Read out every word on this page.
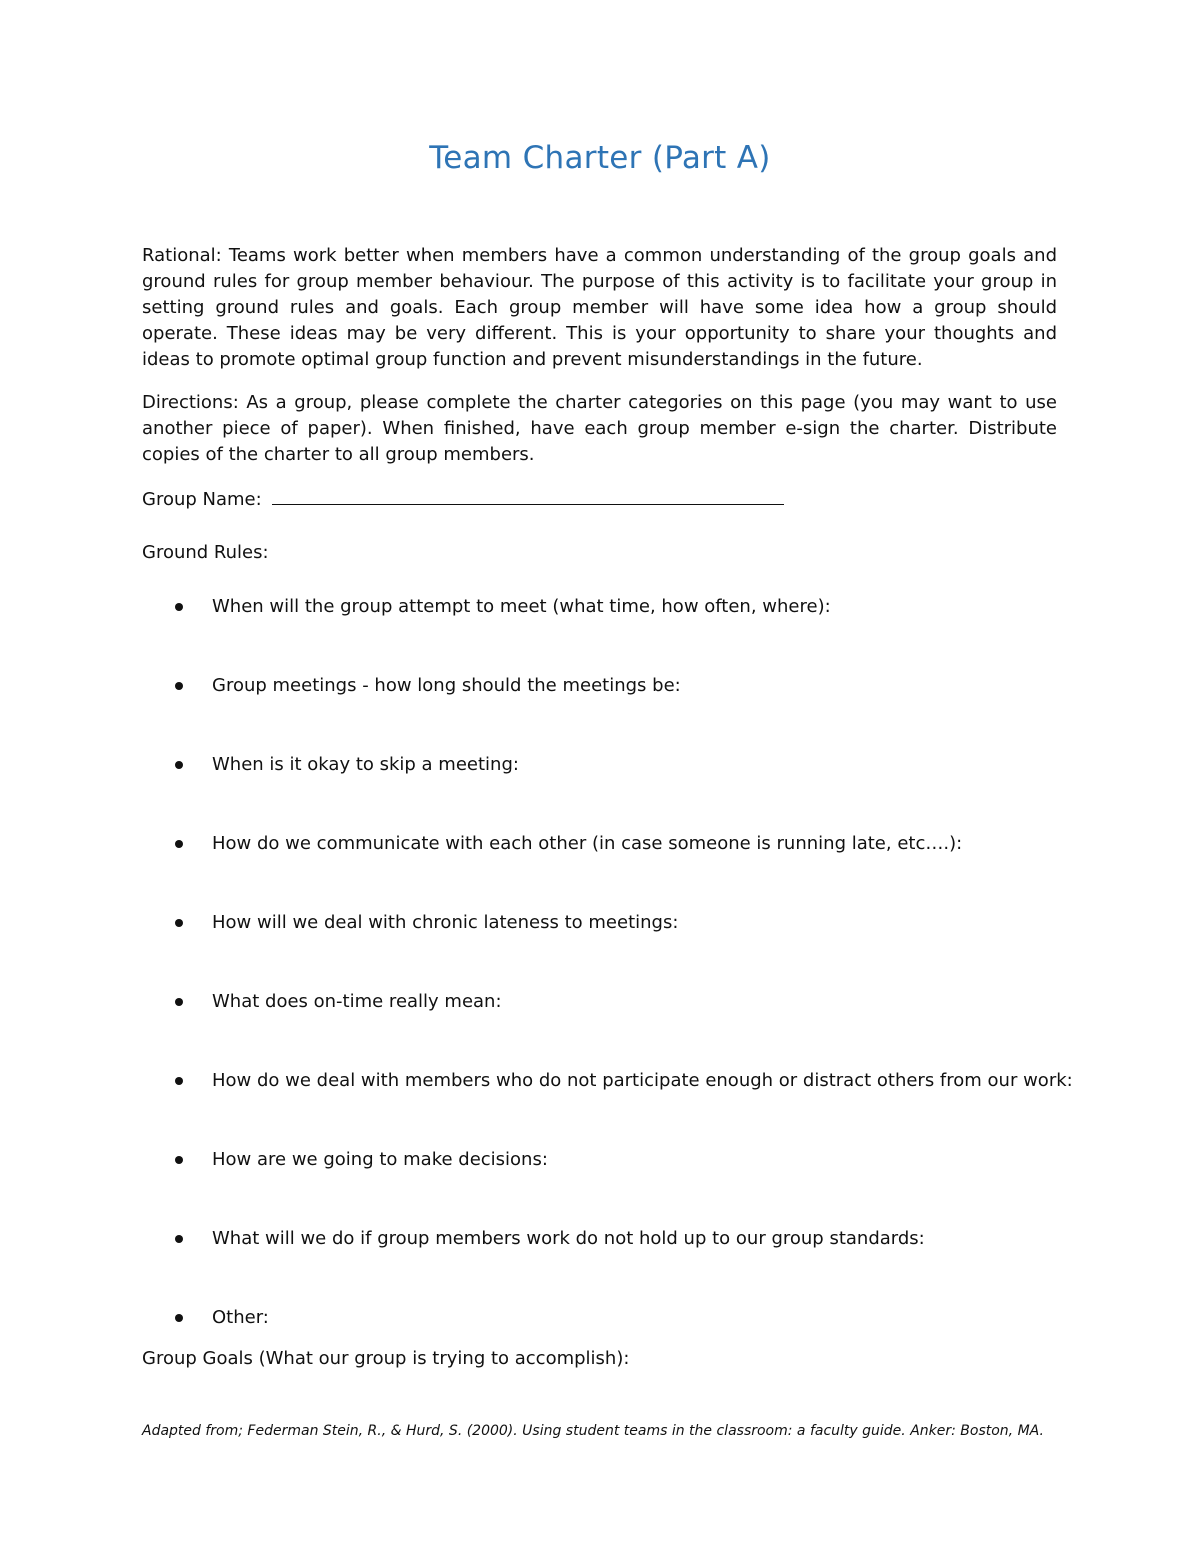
Team Charter (Part A)

Rational: Teams work better when members have a common understanding of the group goals and ground rules for group member behaviour. The purpose of this activity is to facilitate your group in setting ground rules and goals. Each group member will have some idea how a group should operate. These ideas may be very different. This is your opportunity to share your thoughts and ideas to promote optimal group function and prevent misunderstandings in the future.

Directions: As a group, please complete the charter categories on this page (you may want to use another piece of paper). When finished, have each group member e-sign the charter. Distribute copies of the charter to all group members.

Group Name:
Ground Rules:
When will the group attempt to meet (what time, how often, where):
Group meetings - how long should the meetings be:
When is it okay to skip a meeting:
How do we communicate with each other (in case someone is running late, etc….):
How will we deal with chronic lateness to meetings:
What does on-time really mean:
How do we deal with members who do not participate enough or distract others from our work:
How are we going to make decisions:
What will we do if group members work do not hold up to our group standards:
Other:
Group Goals (What our group is trying to accomplish):

Adapted from; Federman Stein, R., & Hurd, S. (2000). Using student teams in the classroom: a faculty guide. Anker: Boston, MA.
